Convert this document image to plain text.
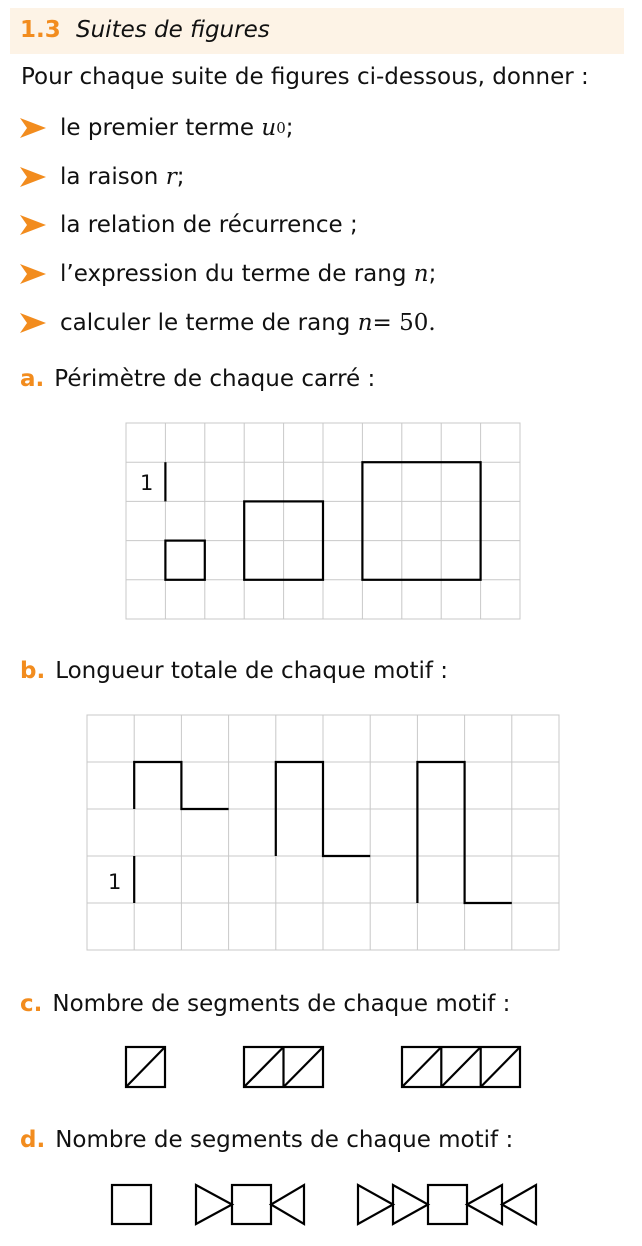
1.3 Suites de figures
Pour chaque suite de figures ci-dessous, donner :
le premier terme
u 0 ;
la raison
r ;
la relation de récurrence ;
l’expression du terme de rang
n ;
calculer le terme de rang
n = 50.
a. Périmètre de chaque carré :
b. Longueur totale de chaque motif :
c. Nombre de segments de chaque motif :
d. Nombre de segments de chaque motif :
1
1
